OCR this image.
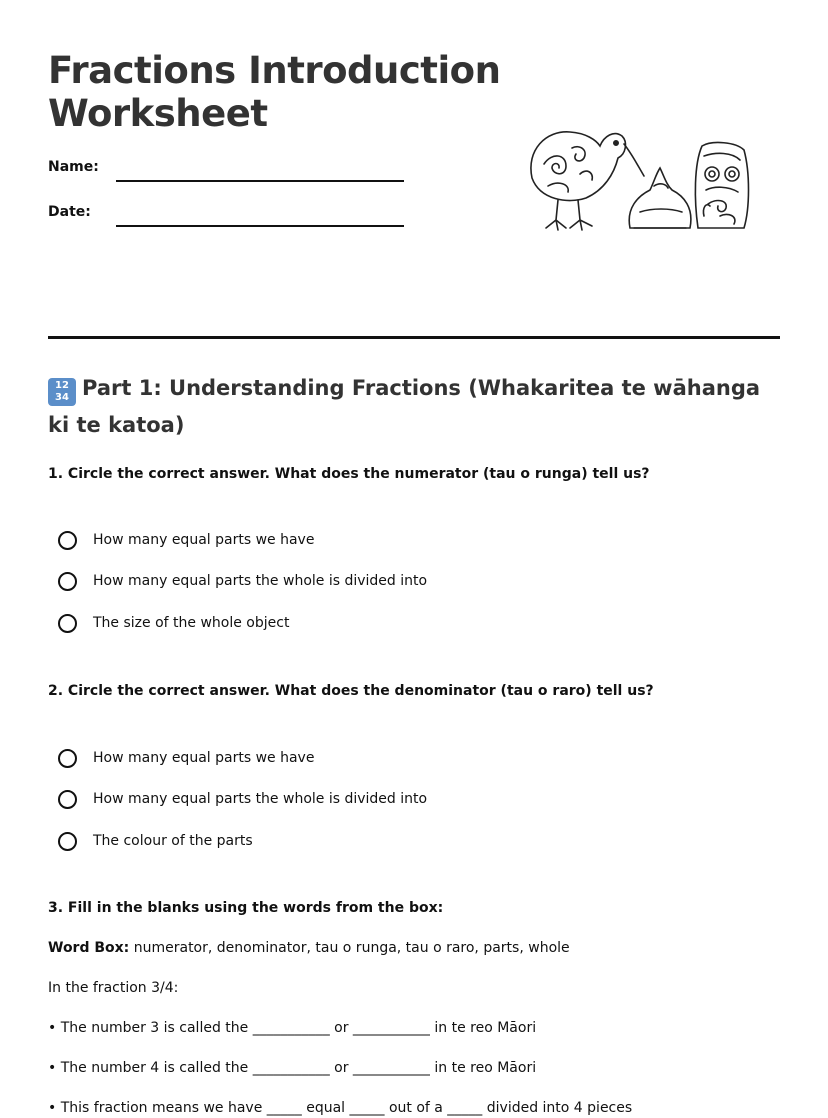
Fractions Introduction
Worksheet
Name:
Date:
12
34 Part 1: Understanding Fractions (Whakaritea te wāhanga ki te katoa)
1. Circle the correct answer. What does the numerator (tau o runga) tell us?
How many equal parts we have
How many equal parts the whole is divided into
The size of the whole object
2. Circle the correct answer. What does the denominator (tau o raro) tell us?
How many equal parts we have
How many equal parts the whole is divided into
The colour of the parts
3. Fill in the blanks using the words from the box:
Word Box: numerator, denominator, tau o runga, tau o raro, parts, whole
In the fraction 3/4:
• The number 3 is called the ___________ or ___________ in te reo Māori
• The number 4 is called the ___________ or ___________ in te reo Māori
• This fraction means we have _____ equal _____ out of a _____ divided into 4 pieces
